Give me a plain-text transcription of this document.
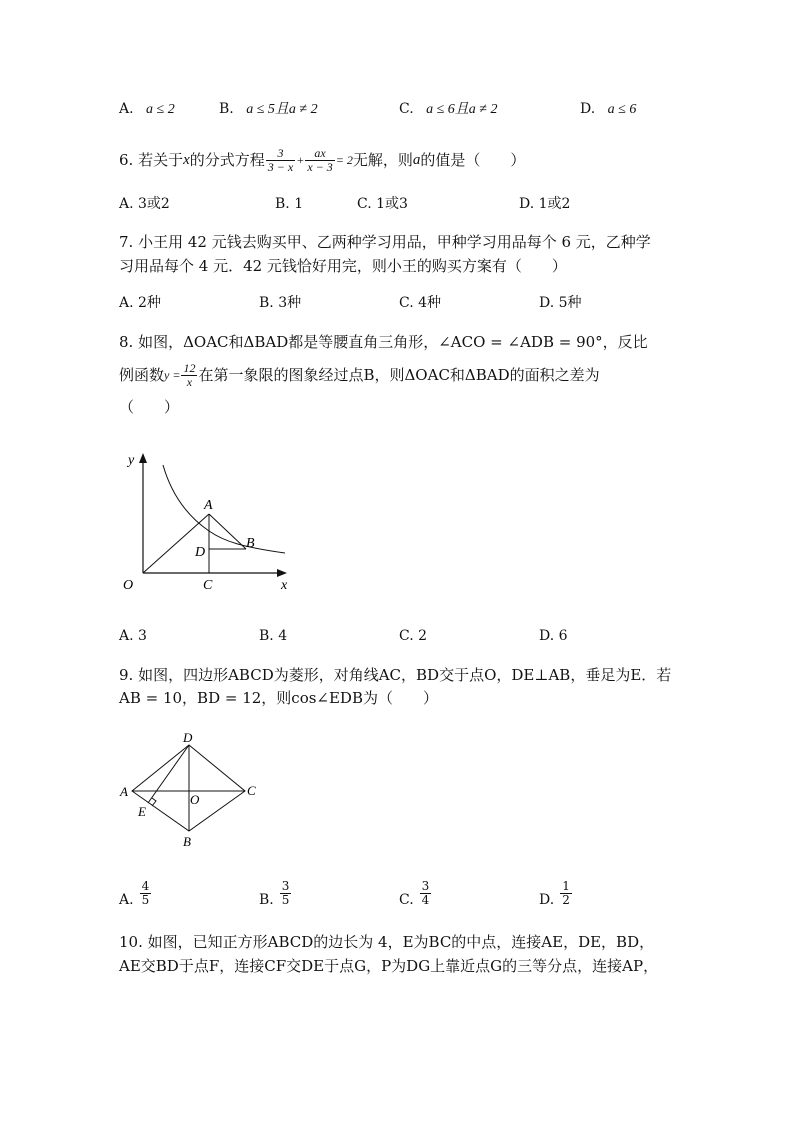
A. a ≤ 2	B. a ≤ 5且a ≠ 2	C. a ≤ 6且a ≠ 2	D. a ≤ 6
6. 若关于 x 的分式方程 $\frac{3}{3 - x} + \frac{ax}{x - 3} = 2$ 无解，则 a 的值是（　　）
A. 3或2	B. 1	C. 1或3	D. 1或2
7. 小王用 42 元钱去购买甲、乙两种学习用品，甲种学习用品每个 6 元，乙种学
习用品每个 4 元．42 元钱恰好用完，则小王的购买方案有（　　）
A. 2种	B. 3种	C. 4种	D. 5种
8. 如图，ΔOAC和ΔBAD都是等腰直角三角形，∠ACO = ∠ADB = 90°，反比
例函数 $y = \frac{12}{x}$ 在第一象限的图象经过点B，则ΔOAC和ΔBAD的面积之差为
（　　）
y
x
O
A
B
C
D
A. 3	B. 4	C. 2	D. 6
9. 如图，四边形ABCD为菱形，对角线AC，BD交于点O，DE⊥AB，垂足为E．若
AB = 10，BD = 12，则cos∠EDB为（　　）
A
D
C
B
E
O
A. $\frac{4}{5}$	B. $\frac{3}{5}$	C. $\frac{3}{4}$	D. $\frac{1}{2}$
10. 如图，已知正方形ABCD的边长为 4，E为BC的中点，连接AE，DE，BD，
AE交BD于点F，连接CF交DE于点G，P为DG上靠近点G的三等分点，连接AP，
